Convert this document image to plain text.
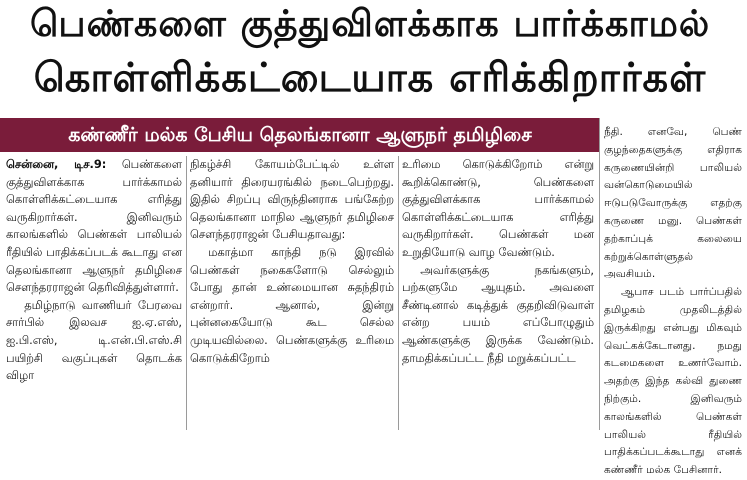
பெண்களை குத்துவிளக்காக பார்க்காமல்
கொள்ளிக்கட்டையாக எரிக்கிறார்கள்
கண்ணீர் மல்க பேசிய தெலங்கானா ஆளுநர் தமிழிசை

சென்னை, டிச.9: பெண்களை குத்துவிளக்காக பார்க்காமல் கொள்ளிக்கட்டையாக எரித்து வருகிறார்கள். இனிவரும் காலங்களில் பெண்கள் பாலியல் ரீதியில் பாதிக்கப்படக் கூடாது என தெலங்கானா ஆளுநர் தமிழிசை சௌந்தரராஜன் தெரிவித்துள்ளார்.

தமிழ்நாடு வாணியர் பேரவை சார்பில் இலவச ஐ.ஏ.எஸ், ஐ.பி.எஸ், டி.என்.பி.எஸ்.சி பயிற்சி வகுப்புகள் தொடக்க விழா

நிகழ்ச்சி கோயம்பேட்டில் உள்ள தனியார் திரையரங்கில் நடைபெற்றது. இதில் சிறப்பு விருந்தினராக பங்கேற்ற தெலங்கானா மாநில ஆளுநர் தமிழிசை சௌந்தரராஜன் பேசியதாவது:

மகாத்மா காந்தி நடு இரவில் பெண்கள் நகைகளோடு செல்லும் போது தான் உண்மையான சுதந்திரம் என்றார். ஆனால், இன்று புன்னகையோடு கூட செல்ல முடியவில்லை. பெண்களுக்கு உரிமை கொடுக்கிறோம்

உரிமை கொடுக்கிறோம் என்று கூறிக்கொண்டு, பெண்களை குத்துவிளக்காக பார்க்காமல் கொள்ளிக்கட்டையாக எரித்து வருகிறார்கள். பெண்கள் மன உறுதியோடு வாழ வேண்டும்.

அவர்களுக்கு நகங்களும், பற்களுமே ஆயுதம். அவளை சீண்டினால் கடித்துக் குதறிவிடுவாள் என்ற பயம் எப்போழுதும் ஆண்களுக்கு இருக்க வேண்டும். தாமதிக்கப்பட்ட நீதி மறுக்கப்பட்ட

நீதி. எனவே, பெண் குழந்தைகளுக்கு எதிராக கருணையின்றி பாலியல் வன்கொடுமையில் ஈடுபடுவோருக்கு எதற்கு கருணை மனு. பெண்கள் தற்காப்புக் கலையை கற்றுக்கொள்ளுதல் அவசியம்.

ஆபாச படம் பார்ப்பதில் தமிழகம் முதலிடத்தில் இருக்கிறது என்பது மிகவும் வெட்கக்கேடானது. நமது கடமைகளை உணர்வோம். அதற்கு இந்த கல்வி துணை நிற்கும். இனிவரும் காலங்களில் பெண்கள் பாலியல் ரீதியில் பாதிக்கப்படக்கூடாது எனக் கண்ணீர் மல்க பேசினார்.
